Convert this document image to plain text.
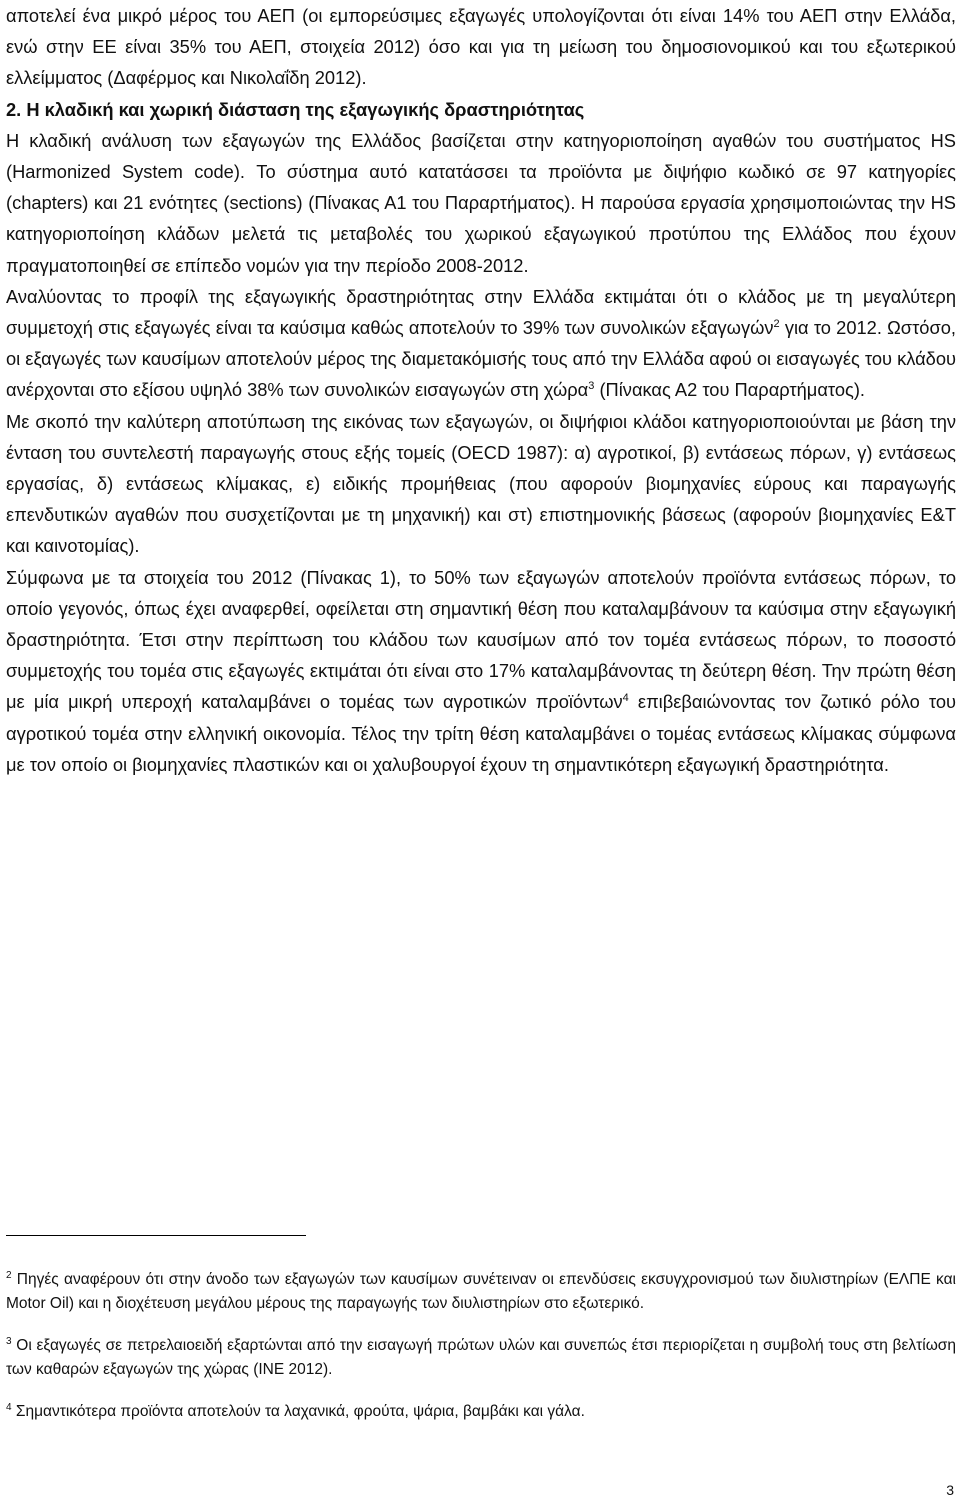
αποτελεί ένα μικρό μέρος του ΑΕΠ (οι εμπορεύσιμες εξαγωγές υπολογίζονται ότι είναι 14% του ΑΕΠ στην Ελλάδα, ενώ στην ΕΕ είναι 35% του ΑΕΠ, στοιχεία 2012) όσο και για τη μείωση του δημοσιονομικού και του εξωτερικού ελλείμματος (Δαφέρμος και Νικολαΐδη 2012).

2. Η κλαδική και χωρική διάσταση της εξαγωγικής δραστηριότητας

Η κλαδική ανάλυση των εξαγωγών της Ελλάδος βασίζεται στην κατηγοριοποίηση αγαθών του συστήματος HS (Harmonized System code). Το σύστημα αυτό κατατάσσει τα προϊόντα με διψήφιο κωδικό σε 97 κατηγορίες (chapters) και 21 ενότητες (sections) (Πίνακας Α1 του Παραρτήματος). Η παρούσα εργασία χρησιμοποιώντας την HS κατηγοριοποίηση κλάδων μελετά τις μεταβολές του χωρικού εξαγωγικού προτύπου της Ελλάδος που έχουν πραγματοποιηθεί σε επίπεδο νομών για την περίοδο 2008-2012.

Αναλύοντας το προφίλ της εξαγωγικής δραστηριότητας στην Ελλάδα εκτιμάται ότι ο κλάδος με τη μεγαλύτερη συμμετοχή στις εξαγωγές είναι τα καύσιμα καθώς αποτελούν το 39% των συνολικών εξαγωγών$^2$ για το 2012. Ωστόσο, οι εξαγωγές των καυσίμων αποτελούν μέρος της διαμετακόμισής τους από την Ελλάδα αφού οι εισαγωγές του κλάδου ανέρχονται στο εξίσου υψηλό 38% των συνολικών εισαγωγών στη χώρα$^3$ (Πίνακας Α2 του Παραρτήματος).

Με σκοπό την καλύτερη αποτύπωση της εικόνας των εξαγωγών, οι διψήφιοι κλάδοι κατηγοριοποιούνται με βάση την ένταση του συντελεστή παραγωγής στους εξής τομείς (OECD 1987): α) αγροτικοί, β) εντάσεως πόρων, γ) εντάσεως εργασίας, δ) εντάσεως κλίμακας, ε) ειδικής προμήθειας (που αφορούν βιομηχανίες εύρους και παραγωγής επενδυτικών αγαθών που συσχετίζονται με τη μηχανική) και στ) επιστημονικής βάσεως (αφορούν βιομηχανίες Ε&Τ και καινοτομίας).

Σύμφωνα με τα στοιχεία του 2012 (Πίνακας 1), το 50% των εξαγωγών αποτελούν προϊόντα εντάσεως πόρων, το οποίο γεγονός, όπως έχει αναφερθεί, οφείλεται στη σημαντική θέση που καταλαμβάνουν τα καύσιμα στην εξαγωγική δραστηριότητα. Έτσι στην περίπτωση του κλάδου των καυσίμων από τον τομέα εντάσεως πόρων, το ποσοστό συμμετοχής του τομέα στις εξαγωγές εκτιμάται ότι είναι στο 17% καταλαμβάνοντας τη δεύτερη θέση. Την πρώτη θέση με μία μικρή υπεροχή καταλαμβάνει ο τομέας των αγροτικών προϊόντων$^4$ επιβεβαιώνοντας τον ζωτικό ρόλο του αγροτικού τομέα στην ελληνική οικονομία. Τέλος την τρίτη θέση καταλαμβάνει ο τομέας εντάσεως κλίμακας σύμφωνα με τον οποίο οι βιομηχανίες πλαστικών και οι χαλυβουργοί έχουν τη σημαντικότερη εξαγωγική δραστηριότητα.

$^2$ Πηγές αναφέρουν ότι στην άνοδο των εξαγωγών των καυσίμων συνέτειναν οι επενδύσεις εκσυγχρονισμού των διυλιστηρίων (ΕΛΠΕ και Motor Oil) και η διοχέτευση μεγάλου μέρους της παραγωγής των διυλιστηρίων στο εξωτερικό.

$^3$ Οι εξαγωγές σε πετρελαιοειδή εξαρτώνται από την εισαγωγή πρώτων υλών και συνεπώς έτσι περιορίζεται η συμβολή τους στη βελτίωση των καθαρών εξαγωγών της χώρας (ΙΝΕ 2012).

$^4$ Σημαντικότερα προϊόντα αποτελούν τα λαχανικά, φρούτα, ψάρια, βαμβάκι και γάλα.

3
